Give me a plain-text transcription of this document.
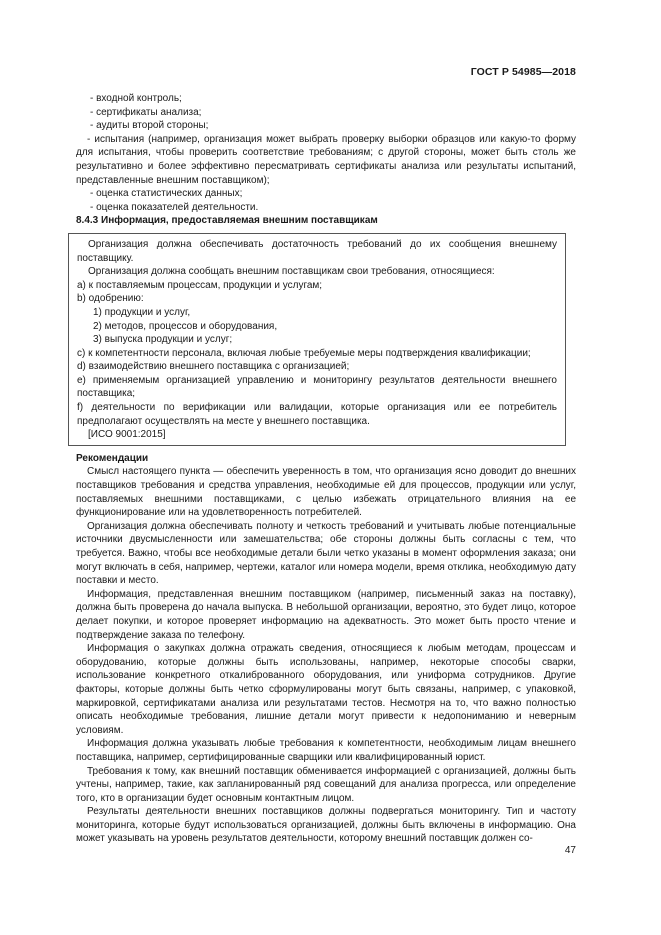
ГОСТ Р 54985—2018

- входной контроль;

- сертификаты анализа;

- аудиты второй стороны;

- испытания (например, организация может выбрать проверку выборки образцов или какую-то форму для испытания, чтобы проверить соответствие требованиям; с другой стороны, может быть столь же результативно и более эффективно пересматривать сертификаты анализа или результаты испытаний, представленные внешним поставщиком);

- оценка статистических данных;

- оценка показателей деятельности.

8.4.3 Информация, предоставляемая внешним поставщикам

Организация должна обеспечивать достаточность требований до их сообщения внешнему поставщику.

Организация должна сообщать внешним поставщикам свои требования, относящиеся:

a) к поставляемым процессам, продукции и услугам;

b) одобрению:

1) продукции и услуг,

2) методов, процессов и оборудования,

3) выпуска продукции и услуг;

c) к компетентности персонала, включая любые требуемые меры подтверждения квалификации;

d) взаимодействию внешнего поставщика с организацией;

e) применяемым организацией управлению и мониторингу результатов деятельности внешнего поставщика;

f) деятельности по верификации или валидации, которые организация или ее потребитель предполагают осуществлять на месте у внешнего поставщика.

[ИСО 9001:2015]

Рекомендации

Смысл настоящего пункта — обеспечить уверенность в том, что организация ясно доводит до внешних поставщиков требования и средства управления, необходимые ей для процессов, продукции или услуг, поставляемых внешними поставщиками, с целью избежать отрицательного влияния на ее функционирование или на удовлетворенность потребителей.

Организация должна обеспечивать полноту и четкость требований и учитывать любые потенциальные источники двусмысленности или замешательства; обе стороны должны быть согласны с тем, что требуется. Важно, чтобы все необходимые детали были четко указаны в момент оформления заказа; они могут включать в себя, например, чертежи, каталог или номера модели, время отклика, необходимую дату поставки и место.

Информация, представленная внешним поставщиком (например, письменный заказ на поставку), должна быть проверена до начала выпуска. В небольшой организации, вероятно, это будет лицо, которое делает покупки, и которое проверяет информацию на адекватность. Это может быть просто чтение и подтверждение заказа по телефону.

Информация о закупках должна отражать сведения, относящиеся к любым методам, процессам и оборудованию, которые должны быть использованы, например, некоторые способы сварки, использование конкретного откалиброванного оборудования, или униформа сотрудников. Другие факторы, которые должны быть четко сформулированы могут быть связаны, например, с упаковкой, маркировкой, сертификатами анализа или результатами тестов. Несмотря на то, что важно полностью описать необходимые требования, лишние детали могут привести к недопониманию и неверным условиям.

Информация должна указывать любые требования к компетентности, необходимым лицам внешнего поставщика, например, сертифицированные сварщики или квалифицированный юрист.

Требования к тому, как внешний поставщик обменивается информацией с организацией, должны быть учтены, например, такие, как запланированный ряд совещаний для анализа прогресса, или определение того, кто в организации будет основным контактным лицом.

Результаты деятельности внешних поставщиков должны подвергаться мониторингу. Тип и частоту мониторинга, которые будут использоваться организацией, должны быть включены в информацию. Она может указывать на уровень результатов деятельности, которому внешний поставщик должен со-

47
